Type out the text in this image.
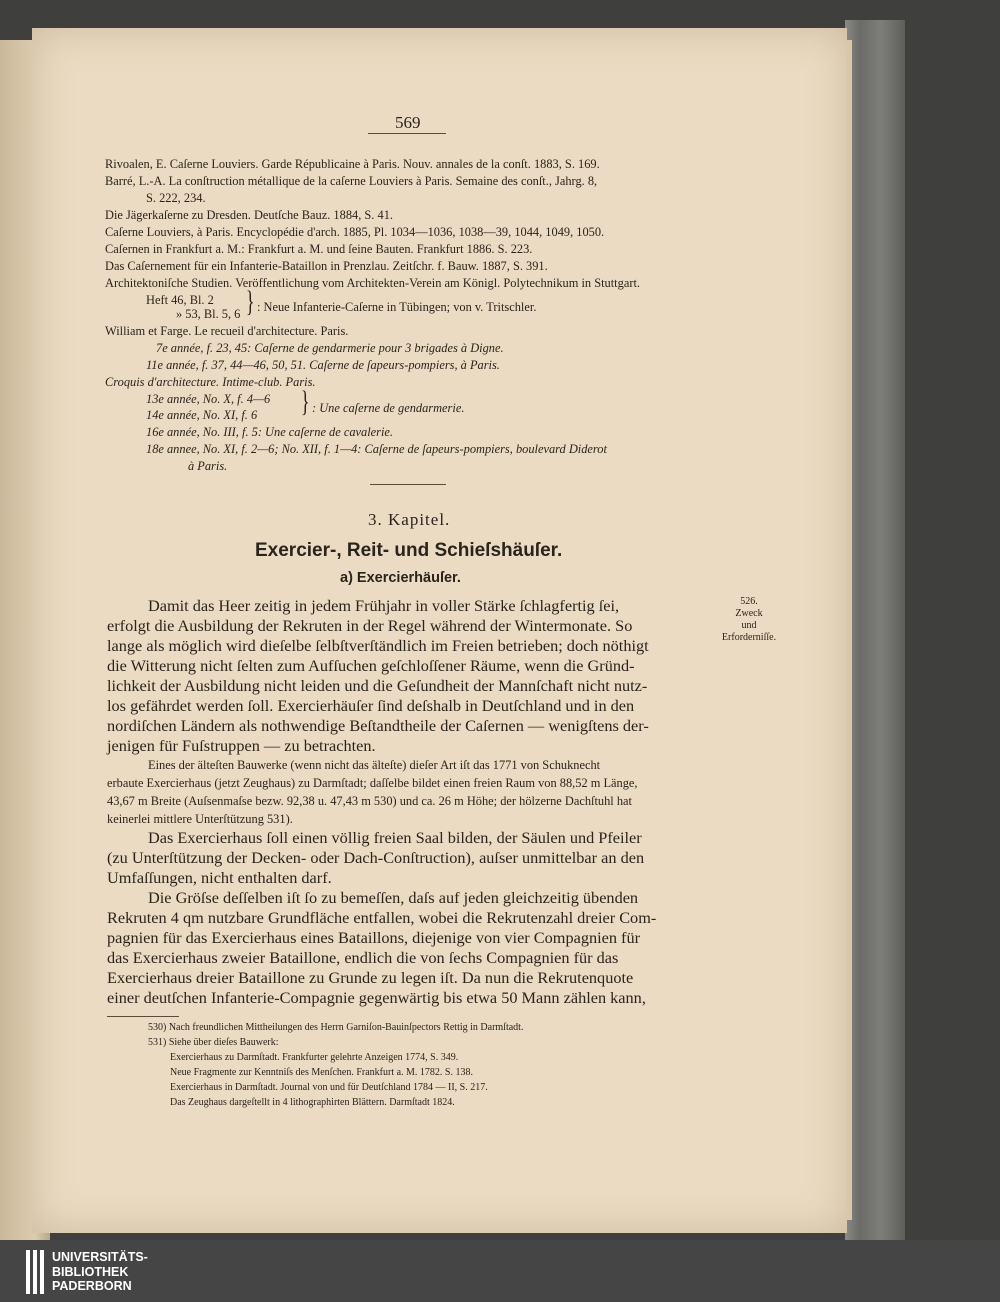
569
Rivoalen, E. Caſerne Louviers. Garde Républicaine à Paris. Nouv. annales de la conſt. 1883, S. 169.
Barré, L.-A. La conſtruction métallique de la caſerne Louviers à Paris. Semaine des conſt., Jahrg. 8,
S. 222, 234.
Die Jägerkaſerne zu Dresden. Deutſche Bauz. 1884, S. 41.
Caſerne Louviers, à Paris. Encyclopédie d'arch. 1885, Pl. 1034—1036, 1038—39, 1044, 1049, 1050.
Caſernen in Frankfurt a. M.: Frankfurt a. M. und ſeine Bauten. Frankfurt 1886. S. 223.
Das Caſernement für ein Infanterie-Bataillon in Prenzlau. Zeitſchr. f. Bauw. 1887, S. 391.
Architektoniſche Studien. Veröffentlichung vom Architekten-Verein am Königl. Polytechnikum in Stuttgart.
Heft 46, Bl. 2
» 53, Bl. 5, 6 } : Neue Infanterie-Caſerne in Tübingen; von v. Tritschler.
William et Farge. Le recueil d'architecture. Paris.
7e année, f. 23, 45: Caſerne de gendarmerie pour 3 brigades à Digne.
11e année, f. 37, 44—46, 50, 51. Caſerne de ſapeurs-pompiers, à Paris.
Croquis d'architecture. Intime-club. Paris.
13e année, No. X, f. 4—6
14e année, No. XI, f. 6 } : Une caſerne de gendarmerie.
16e année, No. III, f. 5: Une caſerne de cavalerie.
18e annee, No. XI, f. 2—6; No. XII, f. 1—4: Caſerne de ſapeurs-pompiers, boulevard Diderot
à Paris.
3. Kapitel.
Exercier-, Reit- und Schieſshäuſer.
a) Exercierhäuſer.
Damit das Heer zeitig in jedem Frühjahr in voller Stärke ſchlagfertig ſei,
erfolgt die Ausbildung der Rekruten in der Regel während der Wintermonate. So
lange als möglich wird dieſelbe ſelbſtverſtändlich im Freien betrieben; doch nöthigt
die Witterung nicht ſelten zum Aufſuchen geſchloſſener Räume, wenn die Gründ-
lichkeit der Ausbildung nicht leiden und die Geſundheit der Mannſchaft nicht nutz-
los gefährdet werden ſoll. Exercierhäuſer ſind deſshalb in Deutſchland und in den
nordiſchen Ländern als nothwendige Beſtandtheile der Caſernen — wenigſtens der-
jenigen für Fuſstruppen — zu betrachten.
526.
Zweck
und
Erforderniſſe.
Eines der älteſten Bauwerke (wenn nicht das älteſte) dieſer Art iſt das 1771 von Schuknecht
erbaute Exercierhaus (jetzt Zeughaus) zu Darmſtadt; daſſelbe bildet einen freien Raum von 88,52 m Länge,
43,67 m Breite (Auſsenmaſse bezw. 92,38 u. 47,43 m 530) und ca. 26 m Höhe; der hölzerne Dachſtuhl hat
keinerlei mittlere Unterſtützung 531).
Das Exercierhaus ſoll einen völlig freien Saal bilden, der Säulen und Pfeiler
(zu Unterſtützung der Decken- oder Dach-Conſtruction), auſser unmittelbar an den
Umfaſſungen, nicht enthalten darf.
Die Gröſse deſſelben iſt ſo zu bemeſſen, daſs auf jeden gleichzeitig übenden
Rekruten 4 qm nutzbare Grundfläche entfallen, wobei die Rekrutenzahl dreier Com-
pagnien für das Exercierhaus eines Bataillons, diejenige von vier Compagnien für
das Exercierhaus zweier Bataillone, endlich die von ſechs Compagnien für das
Exercierhaus dreier Bataillone zu Grunde zu legen iſt. Da nun die Rekrutenquote
einer deutſchen Infanterie-Compagnie gegenwärtig bis etwa 50 Mann zählen kann,
530) Nach freundlichen Mittheilungen des Herrn Garniſon-Bauinſpectors Rettig in Darmſtadt.
531) Siehe über dieſes Bauwerk:
Exercierhaus zu Darmſtadt. Frankfurter gelehrte Anzeigen 1774, S. 349.
Neue Fragmente zur Kenntniſs des Menſchen. Frankfurt a. M. 1782. S. 138.
Exercierhaus in Darmſtadt. Journal von und für Deutſchland 1784 — II, S. 217.
Das Zeughaus dargeſtellt in 4 lithographirten Blättern. Darmſtadt 1824.
UNIVERSITÄTS-
BIBLIOTHEK
PADERBORN
